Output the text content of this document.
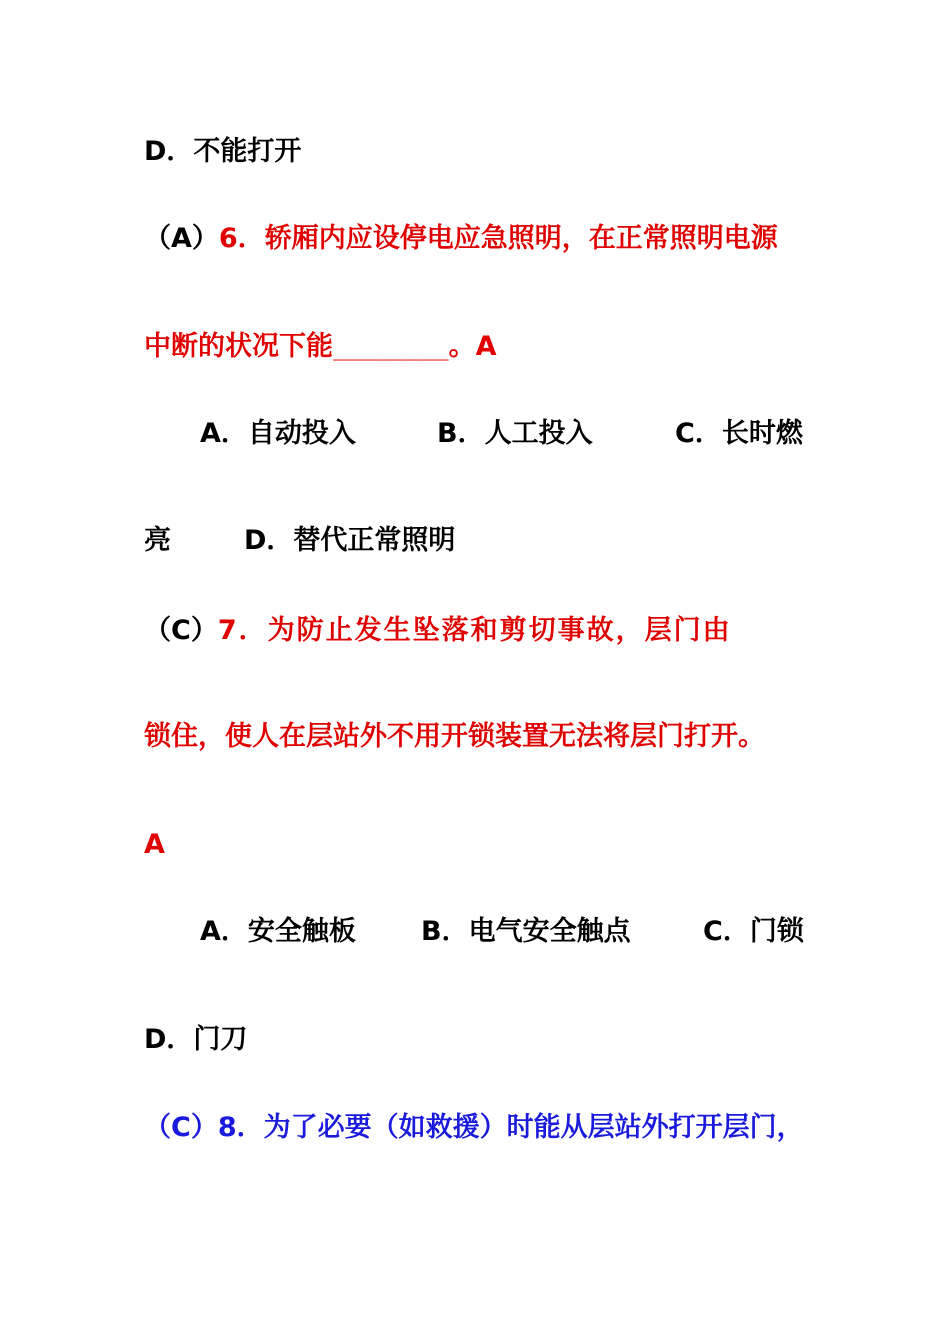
D．不能打开
（A）6．轿厢内应设停电应急照明，在正常照明电源
中断的状况下能________。A
A．自动投入	B．人工投入	C．长时燃
亮	D．替代正常照明
（C）7．为防止发生坠落和剪切事故，层门由
锁住，使人在层站外不用开锁装置无法将层门打开。
A
A．安全触板 B．电气安全触点	C．门锁
D．门刀
（C）8．为了必要（如救援）时能从层站外打开层门，
